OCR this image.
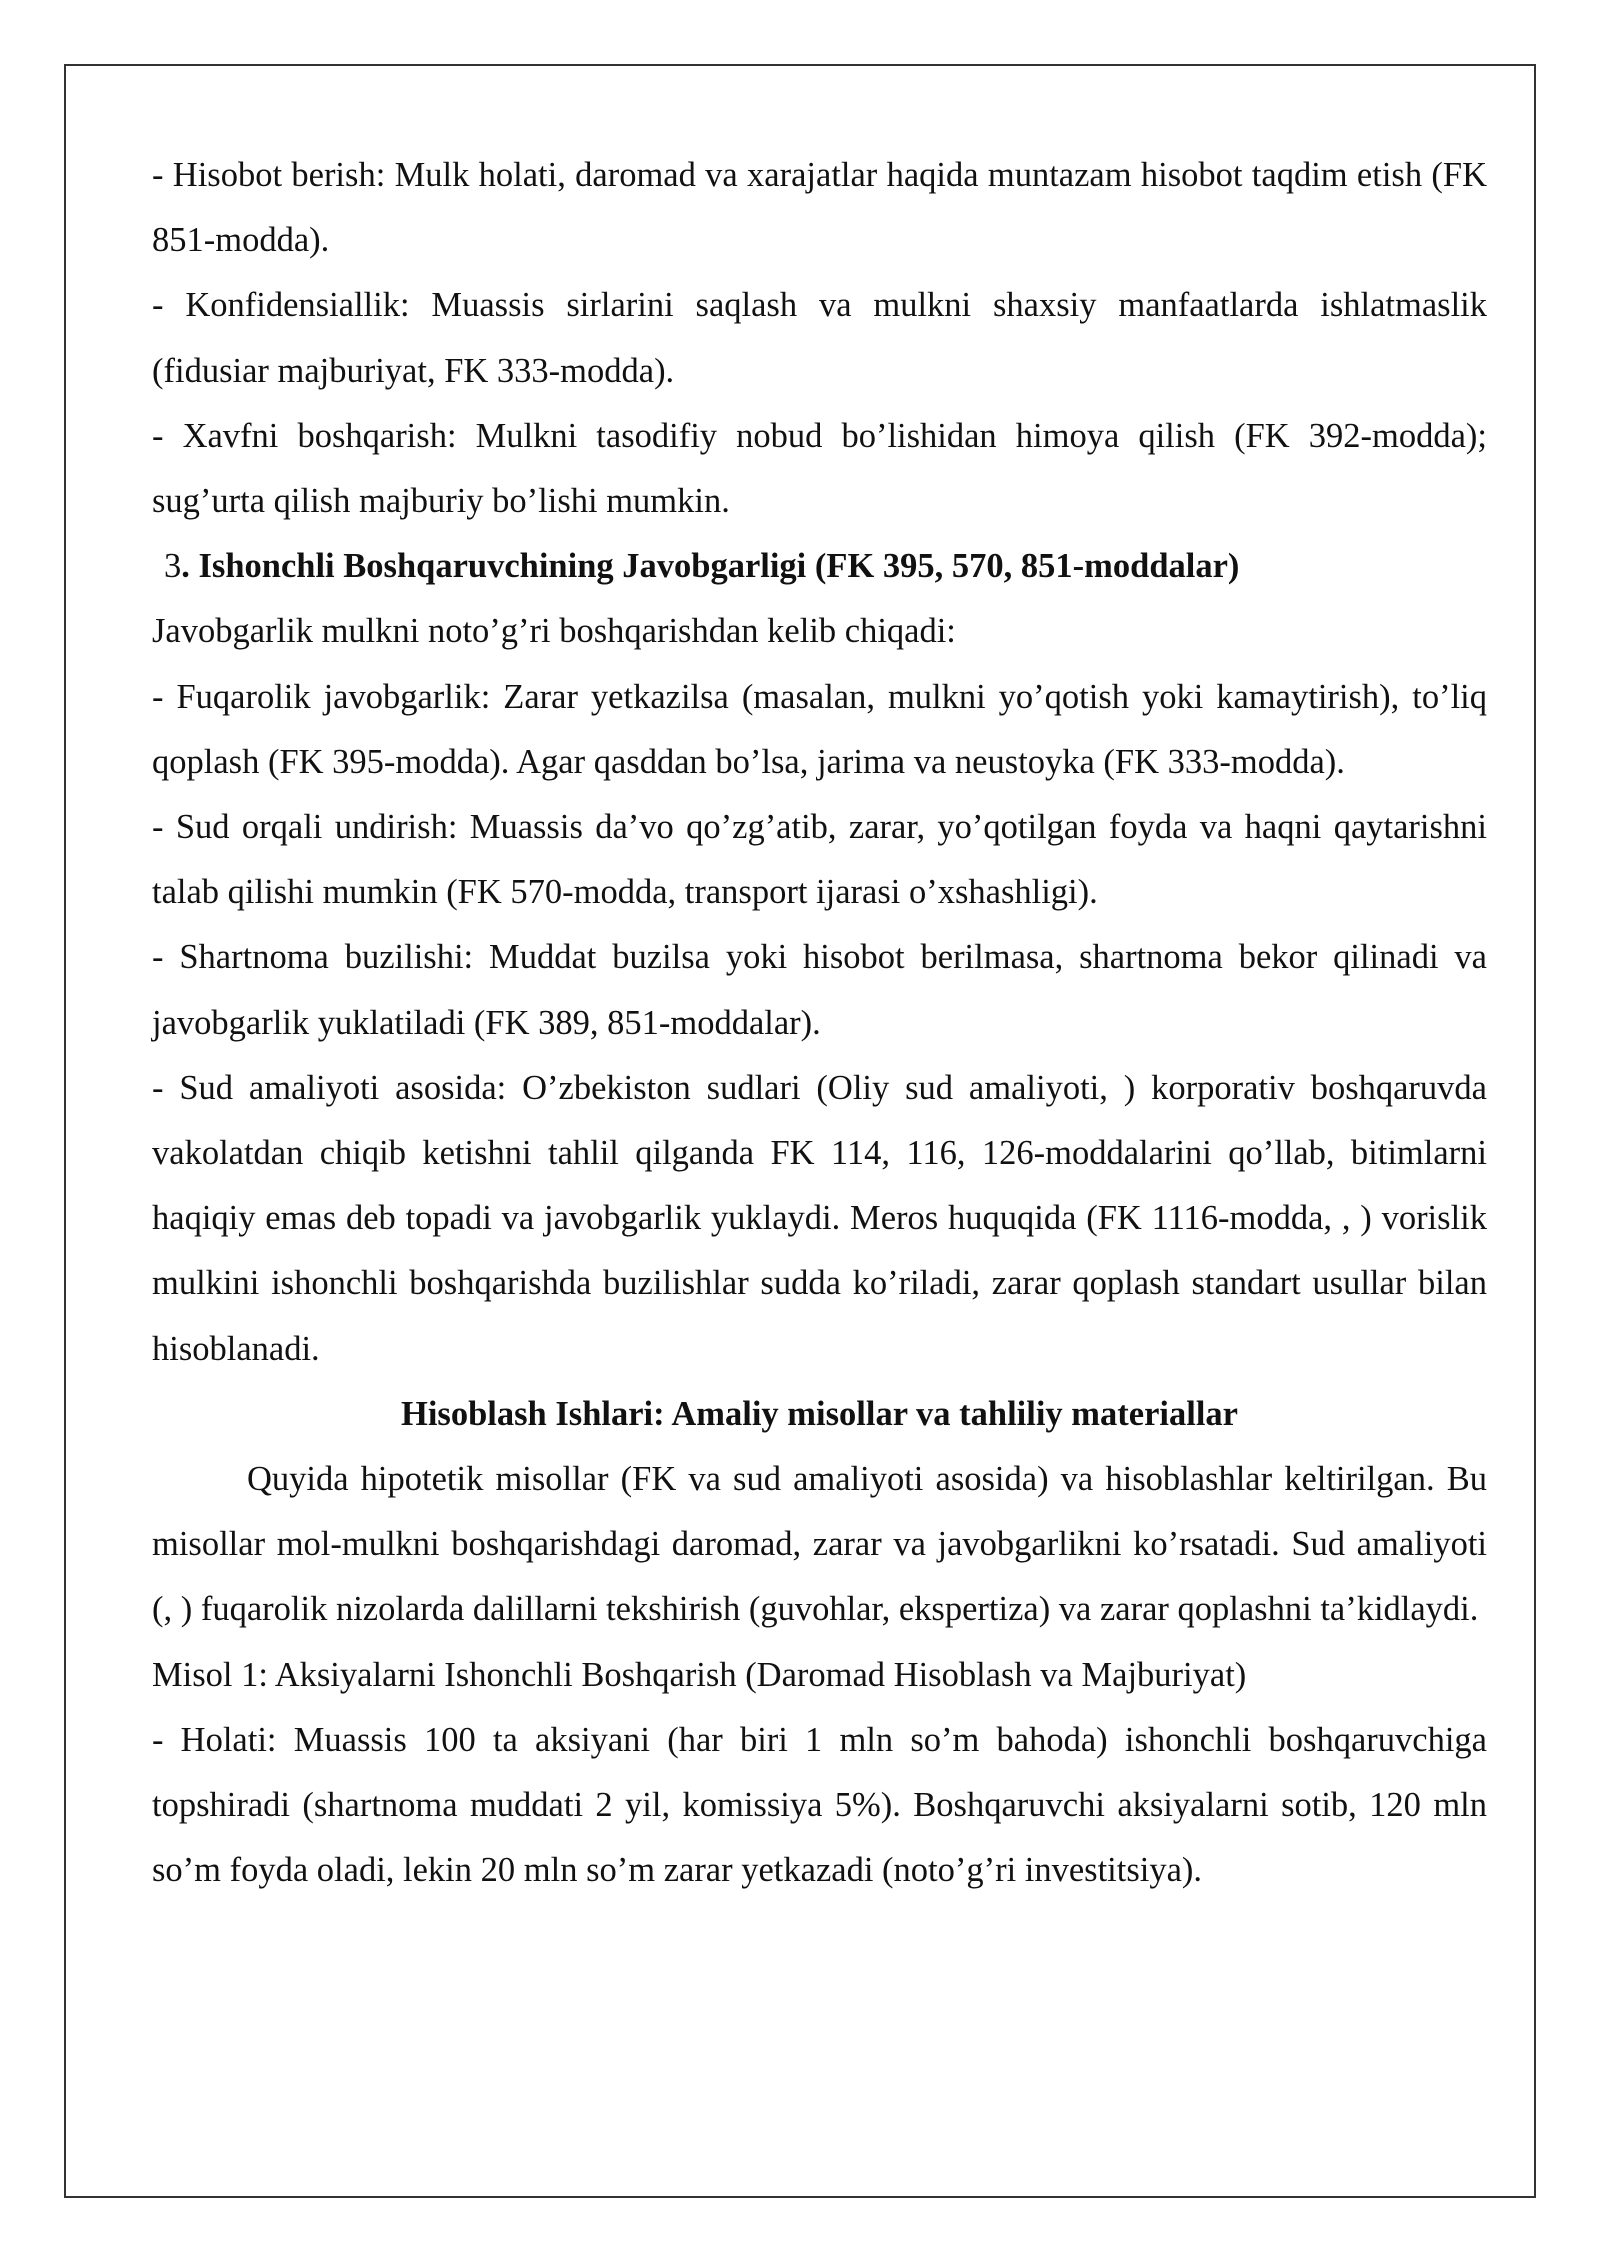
- Hisobot berish: Mulk holati, daromad va xarajatlar haqida muntazam hisobot taqdim etish (FK 851-modda).

- Konfidensiallik: Muassis sirlarini saqlash va mulkni shaxsiy manfaatlarda ishlatmaslik (fidusiar majburiyat, FK 333-modda).

- Xavfni boshqarish: Mulkni tasodifiy nobud bo’lishidan himoya qilish (FK 392-modda); sug’urta qilish majburiy bo’lishi mumkin.

3. Ishonchli Boshqaruvchining Javobgarligi (FK 395, 570, 851-moddalar)

Javobgarlik mulkni noto’g’ri boshqarishdan kelib chiqadi:

- Fuqarolik javobgarlik: Zarar yetkazilsa (masalan, mulkni yo’qotish yoki kamaytirish), to’liq qoplash (FK 395-modda). Agar qasddan bo’lsa, jarima va neustoyka (FK 333-modda).

- Sud orqali undirish: Muassis da’vo qo’zg’atib, zarar, yo’qotilgan foyda va haqni qaytarishni talab qilishi mumkin (FK 570-modda, transport ijarasi o’xshashligi).

- Shartnoma buzilishi: Muddat buzilsa yoki hisobot berilmasa, shartnoma bekor qilinadi va javobgarlik yuklatiladi (FK 389, 851-moddalar).

- Sud amaliyoti asosida: O’zbekiston sudlari (Oliy sud amaliyoti, ) korporativ boshqaruvda vakolatdan chiqib ketishni tahlil qilganda FK 114, 116, 126-moddalarini qo’llab, bitimlarni haqiqiy emas deb topadi va javobgarlik yuklaydi. Meros huquqida (FK 1116-modda, , ) vorislik mulkini ishonchli boshqarishda buzilishlar sudda ko’riladi, zarar qoplash standart usullar bilan hisoblanadi.

Hisoblash Ishlari: Amaliy misollar va tahliliy materiallar

Quyida hipotetik misollar (FK va sud amaliyoti asosida) va hisoblashlar keltirilgan. Bu misollar mol-mulkni boshqarishdagi daromad, zarar va javobgarlikni ko’rsatadi. Sud amaliyoti (, ) fuqarolik nizolarda dalillarni tekshirish (guvohlar, ekspertiza) va zarar qoplashni ta’kidlaydi.

Misol 1: Aksiyalarni Ishonchli Boshqarish (Daromad Hisoblash va Majburiyat)

- Holati: Muassis 100 ta aksiyani (har biri 1 mln so’m bahoda) ishonchli boshqaruvchiga topshiradi (shartnoma muddati 2 yil, komissiya 5%). Boshqaruvchi aksiyalarni sotib, 120 mln so’m foyda oladi, lekin 20 mln so’m zarar yetkazadi (noto’g’ri investitsiya).
